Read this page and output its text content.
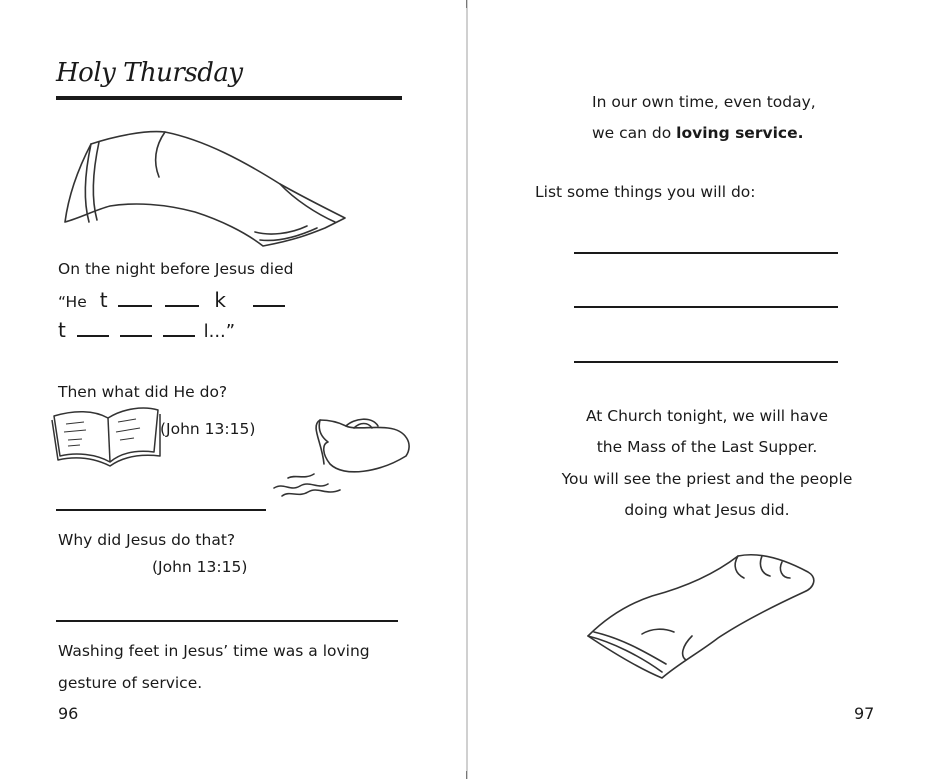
Holy Thursday
On the night before Jesus died
“He t	k
t	l...”
Then what did He do?
(John 13:15)
Why did Jesus do that?
(John 13:15)
Washing feet in Jesus’ time was a loving
gesture of service.
96
In our own time, even today,
we can do loving service.
List some things you will do:
At Church tonight, we will have
the Mass of the Last Supper.
You will see the priest and the people
doing what Jesus did.
97
